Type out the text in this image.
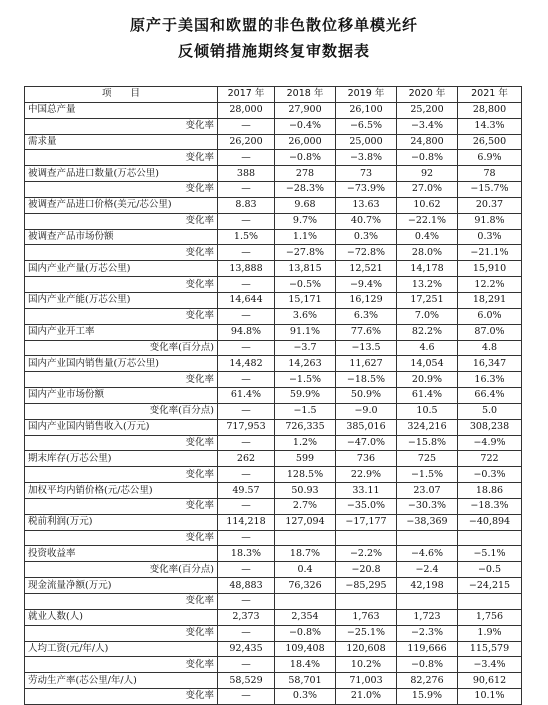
原产于美国和欧盟的非色散位移单模光纤
反倾销措施期终复审数据表
项　　目	2017 年	2018 年	2019 年	2020 年	2021 年
中国总产量	28,000	27,900	26,100	25,200	28,800
变化率	—	−0.4%	−6.5%	−3.4%	14.3%
需求量	26,200	26,000	25,000	24,800	26,500
变化率	—	−0.8%	−3.8%	−0.8%	6.9%
被调查产品进口数量(万芯公里)	388	278	73	92	78
变化率	—	−28.3%	−73.9%	27.0%	−15.7%
被调查产品进口价格(美元/芯公里)	8.83	9.68	13.63	10.62	20.37
变化率	—	9.7%	40.7%	−22.1%	91.8%
被调查产品市场份额	1.5%	1.1%	0.3%	0.4%	0.3%
变化率	—	−27.8%	−72.8%	28.0%	−21.1%
国内产业产量(万芯公里)	13,888	13,815	12,521	14,178	15,910
变化率	—	−0.5%	−9.4%	13.2%	12.2%
国内产业产能(万芯公里)	14,644	15,171	16,129	17,251	18,291
变化率	—	3.6%	6.3%	7.0%	6.0%
国内产业开工率	94.8%	91.1%	77.6%	82.2%	87.0%
变化率(百分点)	—	−3.7	−13.5	4.6	4.8
国内产业国内销售量(万芯公里)	14,482	14,263	11,627	14,054	16,347
变化率	—	−1.5%	−18.5%	20.9%	16.3%
国内产业市场份额	61.4%	59.9%	50.9%	61.4%	66.4%
变化率(百分点)	—	−1.5	−9.0	10.5	5.0
国内产业国内销售收入(万元)	717,953	726,335	385,016	324,216	308,238
变化率	—	1.2%	−47.0%	−15.8%	−4.9%
期末库存(万芯公里)	262	599	736	725	722
变化率	—	128.5%	22.9%	−1.5%	−0.3%
加权平均内销价格(元/芯公里)	49.57	50.93	33.11	23.07	18.86
变化率	—	2.7%	−35.0%	−30.3%	−18.3%
税前利润(万元)	114,218	127,094	−17,177	−38,369	−40,894
变化率	—				
投资收益率	18.3%	18.7%	−2.2%	−4.6%	−5.1%
变化率(百分点)	—	0.4	−20.8	−2.4	−0.5
现金流量净额(万元)	48,883	76,326	−85,295	42,198	−24,215
变化率	—				
就业人数(人)	2,373	2,354	1,763	1,723	1,756
变化率	—	−0.8%	−25.1%	−2.3%	1.9%
人均工资(元/年/人)	92,435	109,408	120,608	119,666	115,579
变化率	—	18.4%	10.2%	−0.8%	−3.4%
劳动生产率(芯公里/年/人)	58,529	58,701	71,003	82,276	90,612
变化率	—	0.3%	21.0%	15.9%	10.1%
